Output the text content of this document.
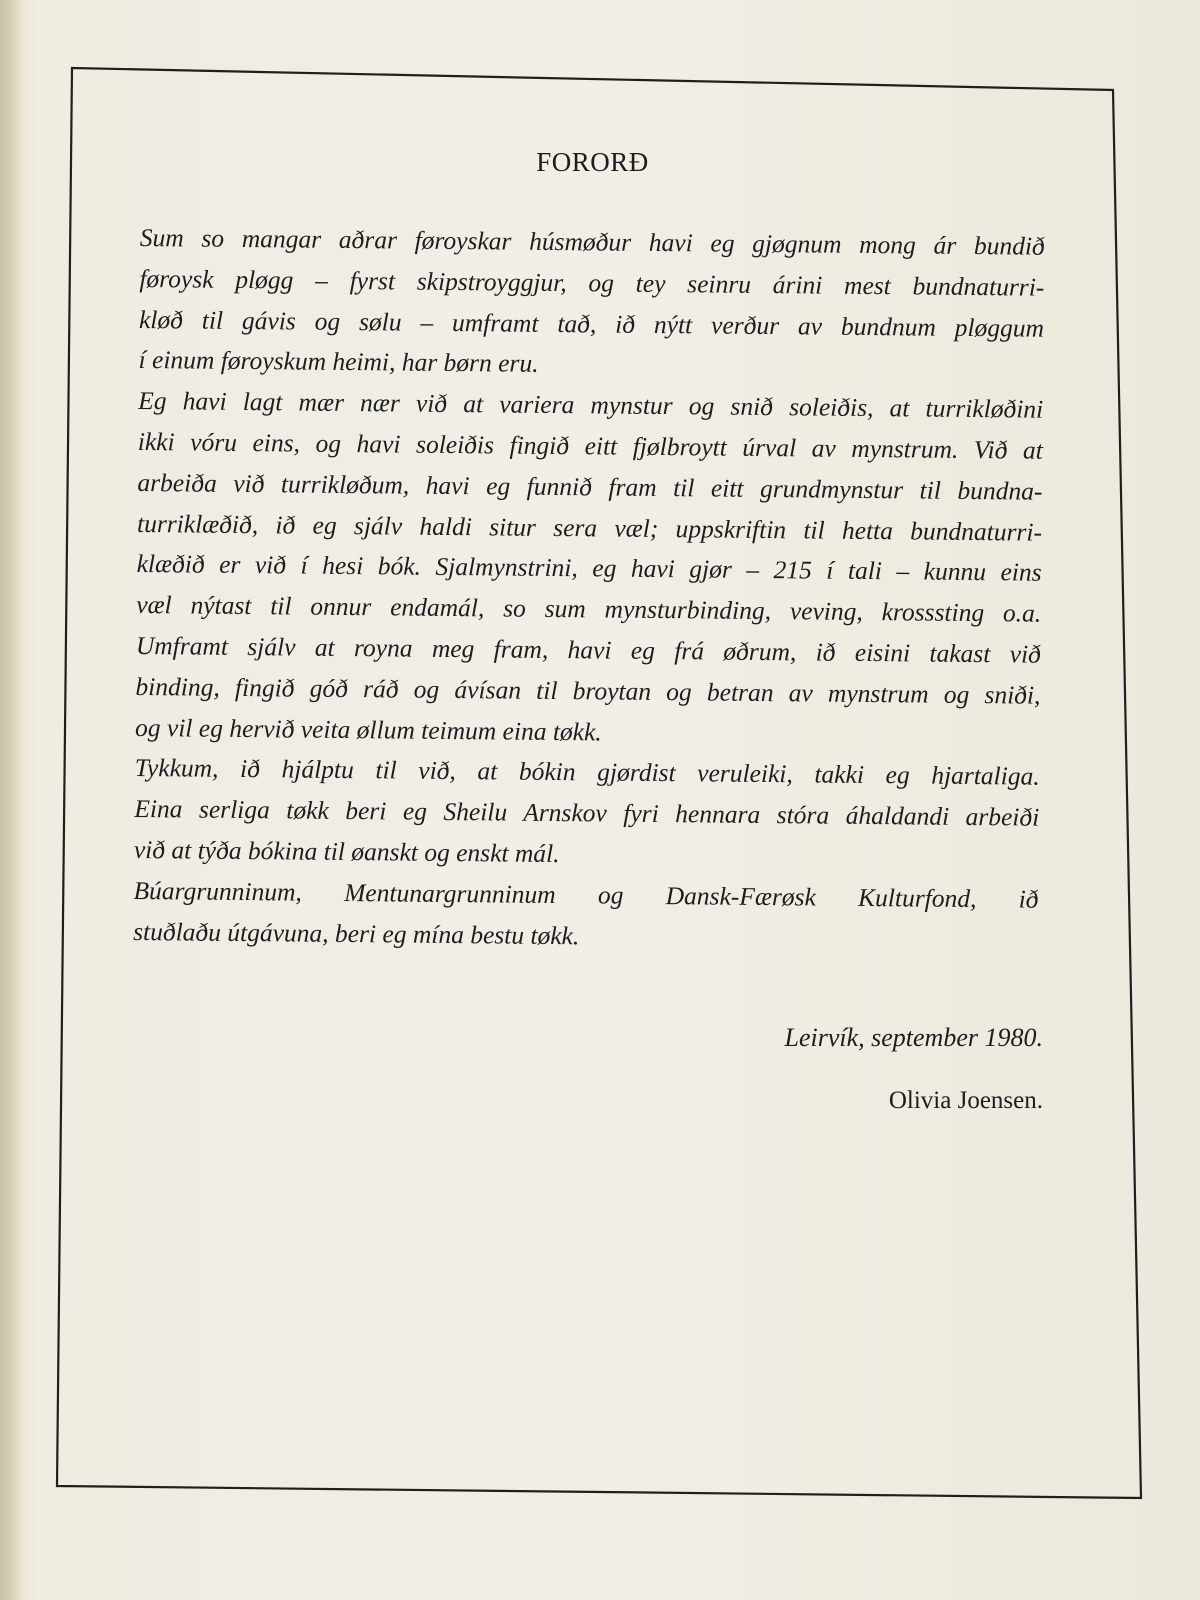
FORORÐ
Sum so mangar aðrar føroyskar húsmøður havi eg gjøgnum mong ár bundið
føroysk pløgg – fyrst skipstroyggjur, og tey seinru árini mest bundnaturri-
kløð til gávis og sølu – umframt tað, ið nýtt verður av bundnum pløggum
í einum føroyskum heimi, har børn eru.
Eg havi lagt mær nær við at variera mynstur og snið soleiðis, at turrikløðini
ikki vóru eins, og havi soleiðis fingið eitt fjølbroytt úrval av mynstrum. Við at
arbeiða við turrikløðum, havi eg funnið fram til eitt grundmynstur til bundna-
turriklæðið, ið eg sjálv haldi situr sera væl; uppskriftin til hetta bundnaturri-
klæðið er við í hesi bók. Sjalmynstrini, eg havi gjør – 215 í tali – kunnu eins
væl nýtast til onnur endamál, so sum mynsturbinding, veving, krosssting o.a.
Umframt sjálv at royna meg fram, havi eg frá øðrum, ið eisini takast við
binding, fingið góð ráð og ávísan til broytan og betran av mynstrum og sniði,
og vil eg hervið veita øllum teimum eina tøkk.
Tykkum, ið hjálptu til við, at bókin gjørdist veruleiki, takki eg hjartaliga.
Eina serliga tøkk beri eg Sheilu Arnskov fyri hennara stóra áhaldandi arbeiði
við at týða bókina til øanskt og enskt mál.
Búargrunninum, Mentunargrunninum og Dansk-Færøsk Kulturfond, ið
stuðlaðu útgávuna, beri eg mína bestu tøkk.
Leirvík, september 1980.
Olivia Joensen.
